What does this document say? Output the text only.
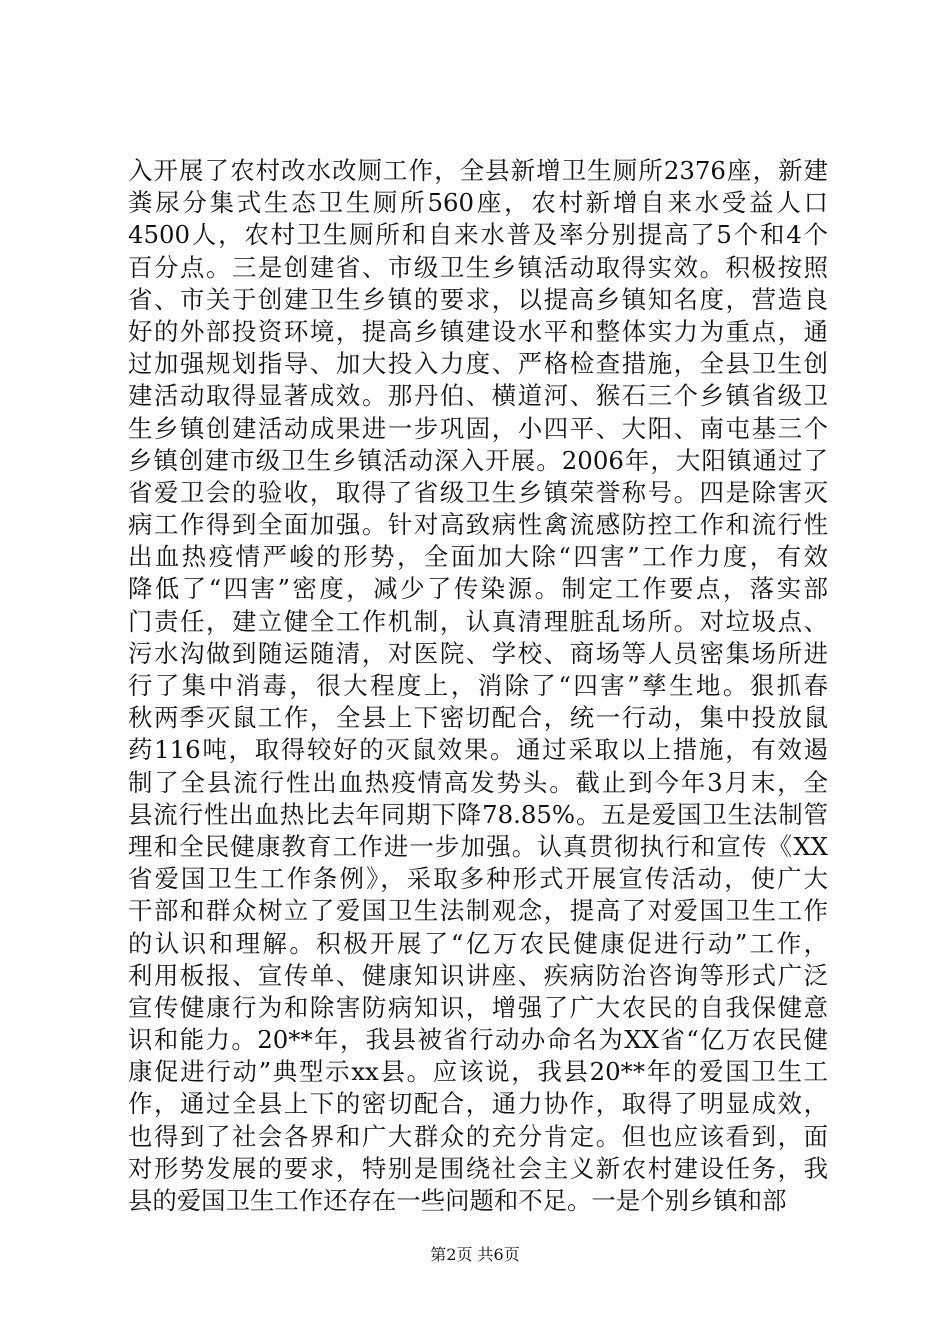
入开展了农村改水改厕工作，全县新增卫生厕所2376座，新建
粪尿分集式生态卫生厕所560座，农村新增自来水受益人口
4500人，农村卫生厕所和自来水普及率分别提高了5个和4个
百分点。三是创建省、市级卫生乡镇活动取得实效。积极按照
省、市关于创建卫生乡镇的要求，以提高乡镇知名度，营造良
好的外部投资环境，提高乡镇建设水平和整体实力为重点，通
过加强规划指导、加大投入力度、严格检查措施，全县卫生创
建活动取得显著成效。那丹伯、横道河、猴石三个乡镇省级卫
生乡镇创建活动成果进一步巩固，小四平、大阳、南屯基三个
乡镇创建市级卫生乡镇活动深入开展。2006年，大阳镇通过了
省爱卫会的验收，取得了省级卫生乡镇荣誉称号。四是除害灭
病工作得到全面加强。针对高致病性禽流感防控工作和流行性
出血热疫情严峻的形势，全面加大除“四害”工作力度，有效
降低了“四害”密度，减少了传染源。制定工作要点，落实部
门责任，建立健全工作机制，认真清理脏乱场所。对垃圾点、
污水沟做到随运随清，对医院、学校、商场等人员密集场所进
行了集中消毒，很大程度上，消除了“四害”孳生地。狠抓春
秋两季灭鼠工作，全县上下密切配合，统一行动，集中投放鼠
药116吨，取得较好的灭鼠效果。通过采取以上措施，有效遏
制了全县流行性出血热疫情高发势头。截止到今年3月末，全
县流行性出血热比去年同期下降78.85%。五是爱国卫生法制管
理和全民健康教育工作进一步加强。认真贯彻执行和宣传《XX
省爱国卫生工作条例》，采取多种形式开展宣传活动，使广大
干部和群众树立了爱国卫生法制观念，提高了对爱国卫生工作
的认识和理解。积极开展了“亿万农民健康促进行动”工作，
利用板报、宣传单、健康知识讲座、疾病防治咨询等形式广泛
宣传健康行为和除害防病知识，增强了广大农民的自我保健意
识和能力。20**年，我县被省行动办命名为XX省“亿万农民健
康促进行动”典型示xx县。应该说，我县20**年的爱国卫生工
作，通过全县上下的密切配合，通力协作，取得了明显成效，
也得到了社会各界和广大群众的充分肯定。但也应该看到，面
对形势发展的要求，特别是围绕社会主义新农村建设任务，我
县的爱国卫生工作还存在一些问题和不足。一是个别乡镇和部
第2页 共6页
